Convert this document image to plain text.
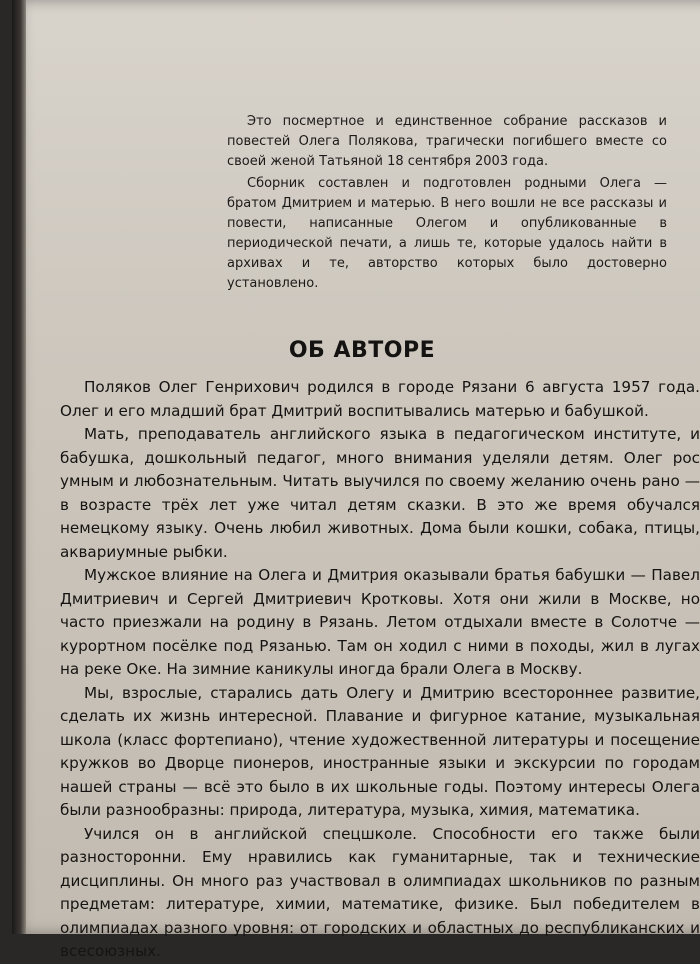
Это посмертное и единственное собрание рассказов и повестей Олега Полякова, трагически погибшего вместе со своей женой Татьяной 18 сентября 2003 года.

Сборник составлен и подготовлен родными Олега — братом Дмитрием и матерью. В него вошли не все рассказы и повести, написанные Олегом и опубликованные в периодической печати, а лишь те, которые удалось найти в архивах и те, авторство которых было достоверно установлено.

ОБ АВТОРЕ

Поляков Олег Генрихович родился в городе Рязани 6 августа 1957 года. Олег и его младший брат Дмитрий воспитывались матерью и бабушкой.

Мать, преподаватель английского языка в педагогическом институте, и бабушка, дошкольный педагог, много внимания уделяли детям. Олег рос умным и любознательным. Читать выучился по своему желанию очень рано — в возрасте трёх лет уже читал детям сказки. В это же время обучался немецкому языку. Очень любил животных. Дома были кошки, собака, птицы, аквариумные рыбки.

Мужское влияние на Олега и Дмитрия оказывали братья бабушки — Павел Дмитриевич и Сергей Дмитриевич Кротковы. Хотя они жили в Москве, но часто приезжали на родину в Рязань. Летом отдыхали вместе в Солотче — курортном посёлке под Рязанью. Там он ходил с ними в походы, жил в лугах на реке Оке. На зимние каникулы иногда брали Олега в Москву.

Мы, взрослые, старались дать Олегу и Дмитрию всестороннее развитие, сделать их жизнь интересной. Плавание и фигурное катание, музыкальная школа (класс фортепиано), чтение художественной литературы и посещение кружков во Дворце пионеров, иностранные языки и экскурсии по городам нашей страны — всё это было в их школьные годы. Поэтому интересы Олега были разнообразны: природа, литература, музыка, химия, математика.

Учился он в английской спецшколе. Способности его также были разносторонни. Ему нравились как гуманитарные, так и технические дисциплины. Он много раз участвовал в олимпиадах школьников по разным предметам: литературе, химии, математике, физике. Был победителем в олимпиадах разного уровня: от городских и областных до республиканских и всесоюзных.
